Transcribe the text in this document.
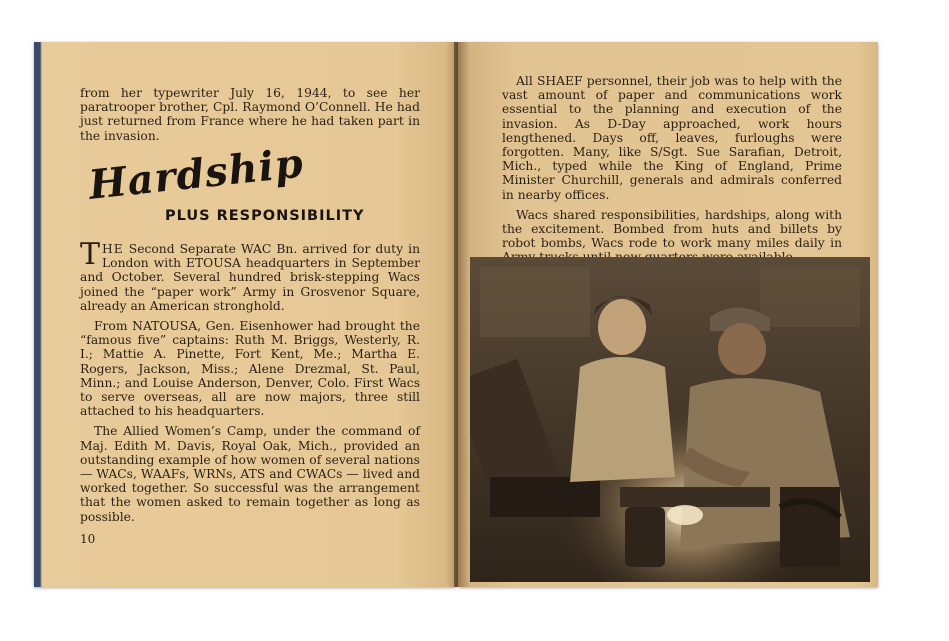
from her typewriter July 16, 1944, to see her paratrooper brother, Cpl. Raymond O’Connell. He had just returned from France where he had taken part in the invasion.

Hardship
PLUS RESPONSIBILITY

THE Second Separate WAC Bn. arrived for duty in London with ETOUSA headquarters in September and October. Several hundred brisk-stepping Wacs joined the “paper work” Army in Grosvenor Square, already an American stronghold.

From NATOUSA, Gen. Eisenhower had brought the “famous five” captains: Ruth M. Briggs, Westerly, R. I.; Mattie A. Pinette, Fort Kent, Me.; Martha E. Rogers, Jackson, Miss.; Alene Drezmal, St. Paul, Minn.; and Louise Anderson, Denver, Colo. First Wacs to serve overseas, all are now majors, three still attached to his headquarters.

The Allied Women’s Camp, under the command of Maj. Edith M. Davis, Royal Oak, Mich., provided an outstanding example of how women of several nations — WACs, WAAFs, WRNs, ATS and CWACs — lived and worked together. So successful was the arrangement that the women asked to remain together as long as possible.

10

All SHAEF personnel, their job was to help with the vast amount of paper and communications work essential to the planning and execution of the invasion. As D-Day approached, work hours lengthened. Days off, leaves, furloughs were forgotten. Many, like S/Sgt. Sue Sarafian, Detroit, Mich., typed while the King of England, Prime Minister Churchill, generals and admirals conferred in nearby offices.

Wacs shared responsibilities, hardships, along with the excitement. Bombed from huts and billets by robot bombs, Wacs rode to work many miles daily in
